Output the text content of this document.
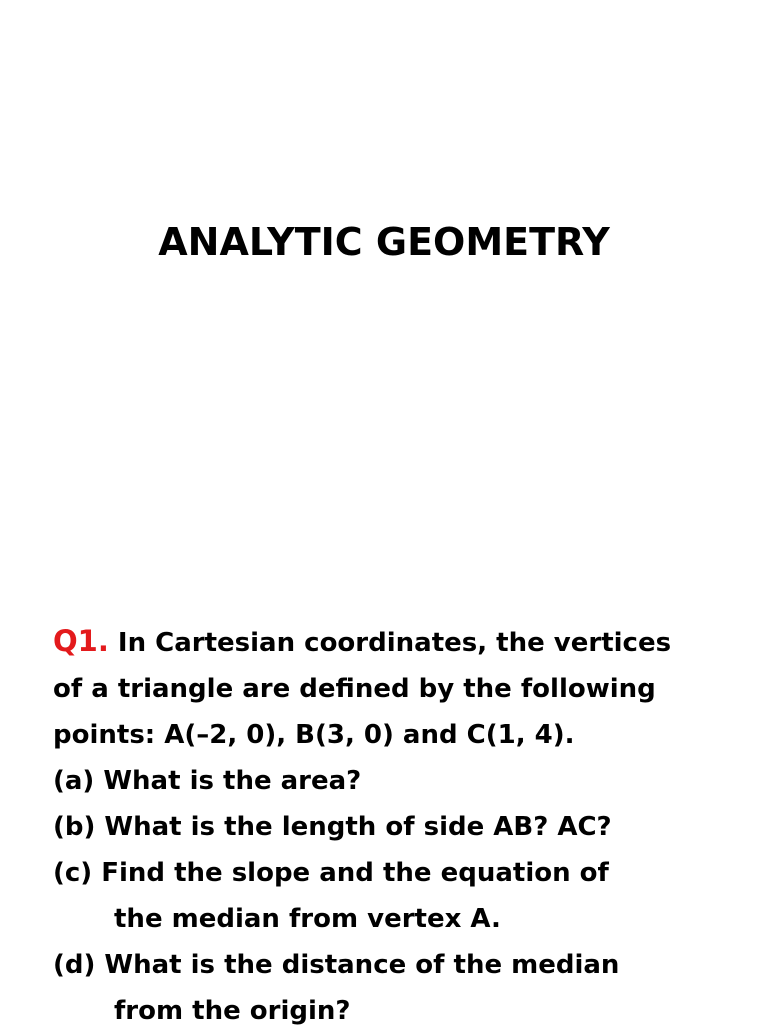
ANALYTIC GEOMETRY
Q1. In Cartesian coordinates, the vertices
of a triangle are defined by the following
points: A(–2, 0), B(3, 0) and C(1, 4).
(a) What is the area?
(b) What is the length of side AB? AC?
(c) Find the slope and the equation of
the median from vertex A.
(d) What is the distance of the median
from the origin?
